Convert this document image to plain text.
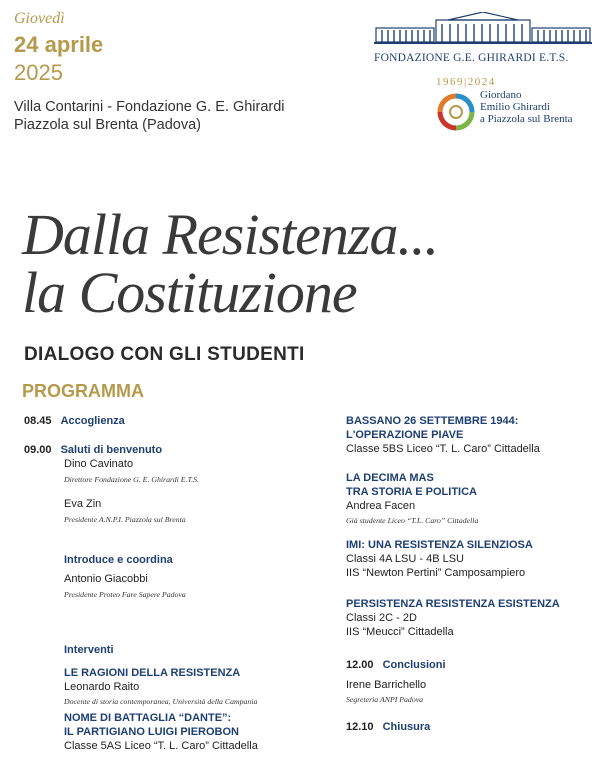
Giovedì
24 aprile
2025
Villa Contarini - Fondazione G. E. Ghirardi
Piazzola sul Brenta (Padova)
FONDAZIONE G.E. GHIRARDI E.T.S.
1969|2024
Giordano
Emilio Ghirardi
a Piazzola sul Brenta
Dalla Resistenza...
la Costituzione
DIALOGO CON GLI STUDENTI
PROGRAMMA
08.45 Accoglienza
09.00 Saluti di benvenuto
Dino Cavinato
Direttore Fondazione G. E. Ghirardi E.T.S.
Eva Zin
Presidente A.N.P.I. Piazzola sul Brenta
Introduce e coordina
Antonio Giacobbi
Presidente Proteo Fare Sapere Padova
Interventi
LE RAGIONI DELLA RESISTENZA
Leonardo Raito
Docente di storia contemporanea, Università della Campania
NOME DI BATTAGLIA “DANTE”:
IL PARTIGIANO LUIGI PIEROBON
Classe 5AS Liceo “T. L. Caro” Cittadella
BASSANO 26 SETTEMBRE 1944:
L'OPERAZIONE PIAVE
Classe 5BS Liceo “T. L. Caro” Cittadella
LA DECIMA MAS
TRA STORIA E POLITICA
Andrea Facen
Già studente Liceo “T.L. Caro” Cittadella
IMI: UNA RESISTENZA SILENZIOSA
Classi 4A LSU - 4B LSU
IIS “Newton Pertini” Camposampiero
PERSISTENZA RESISTENZA ESISTENZA
Classi 2C - 2D
IIS “Meucci” Cittadella
12.00 Conclusioni
Irene Barrichello
Segreteria ANPI Padova
12.10 Chiusura
